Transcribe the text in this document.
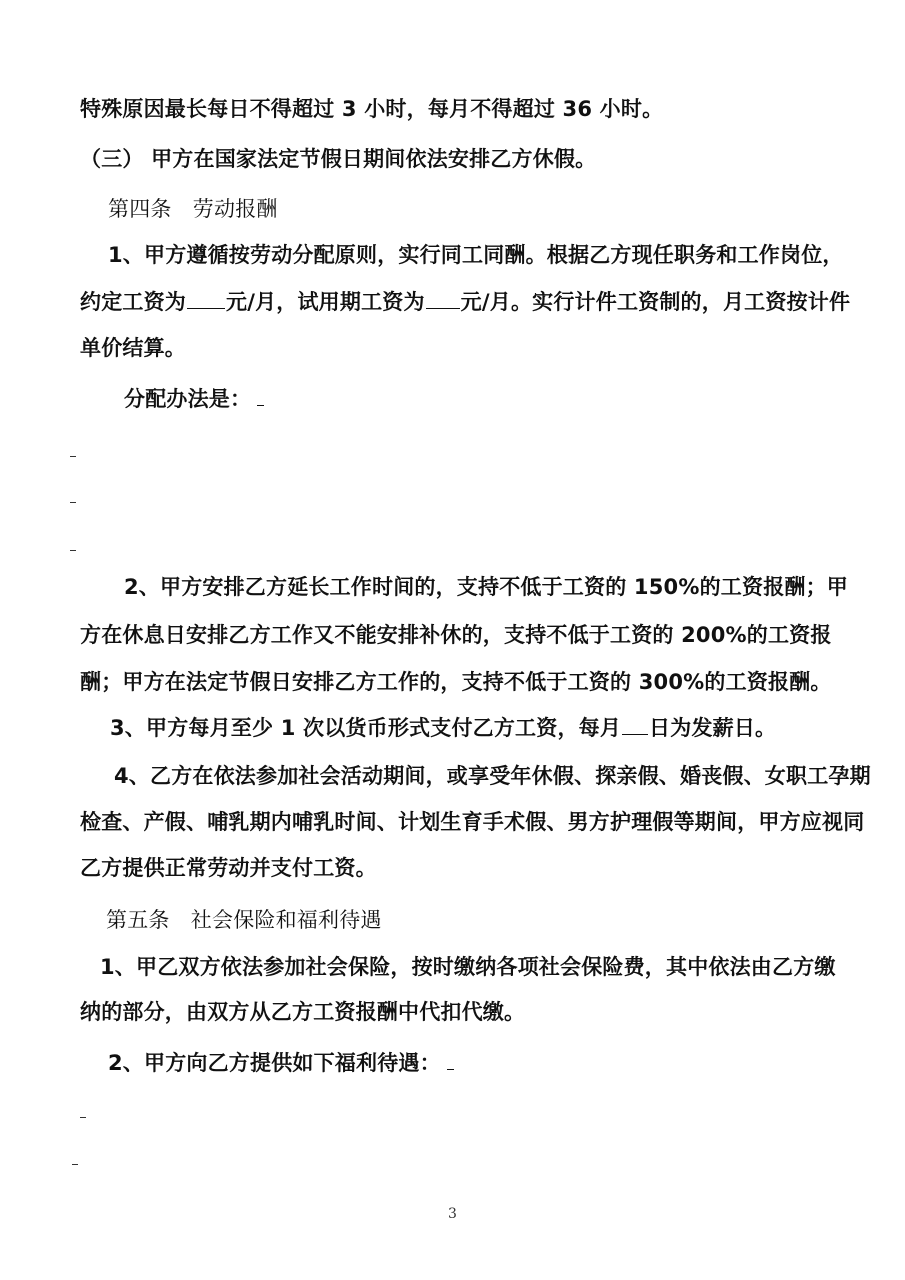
特殊原因最长每日不得超过 3 小时，每月不得超过 36 小时。
（三） 甲方在国家法定节假日期间依法安排乙方休假。
第四条　劳动报酬
1、甲方遵循按劳动分配原则，实行同工同酬。根据乙方现任职务和工作岗位，
约定工资为 元/月，试用期工资为 元/月。实行计件工资制的，月工资按计件
单价结算。
分配办法是：
2、甲方安排乙方延长工作时间的，支持不低于工资的 150%的工资报酬；甲
方在休息日安排乙方工作又不能安排补休的，支持不低于工资的 200%的工资报
酬；甲方在法定节假日安排乙方工作的，支持不低于工资的 300%的工资报酬。
3、甲方每月至少 1 次以货币形式支付乙方工资，每月 日为发薪日。
4、乙方在依法参加社会活动期间，或享受年休假、探亲假、婚丧假、女职工孕期
检查、产假、哺乳期内哺乳时间、计划生育手术假、男方护理假等期间，甲方应视同
乙方提供正常劳动并支付工资。
第五条　社会保险和福利待遇
1、甲乙双方依法参加社会保险，按时缴纳各项社会保险费，其中依法由乙方缴
纳的部分，由双方从乙方工资报酬中代扣代缴。
2、甲方向乙方提供如下福利待遇：
3
